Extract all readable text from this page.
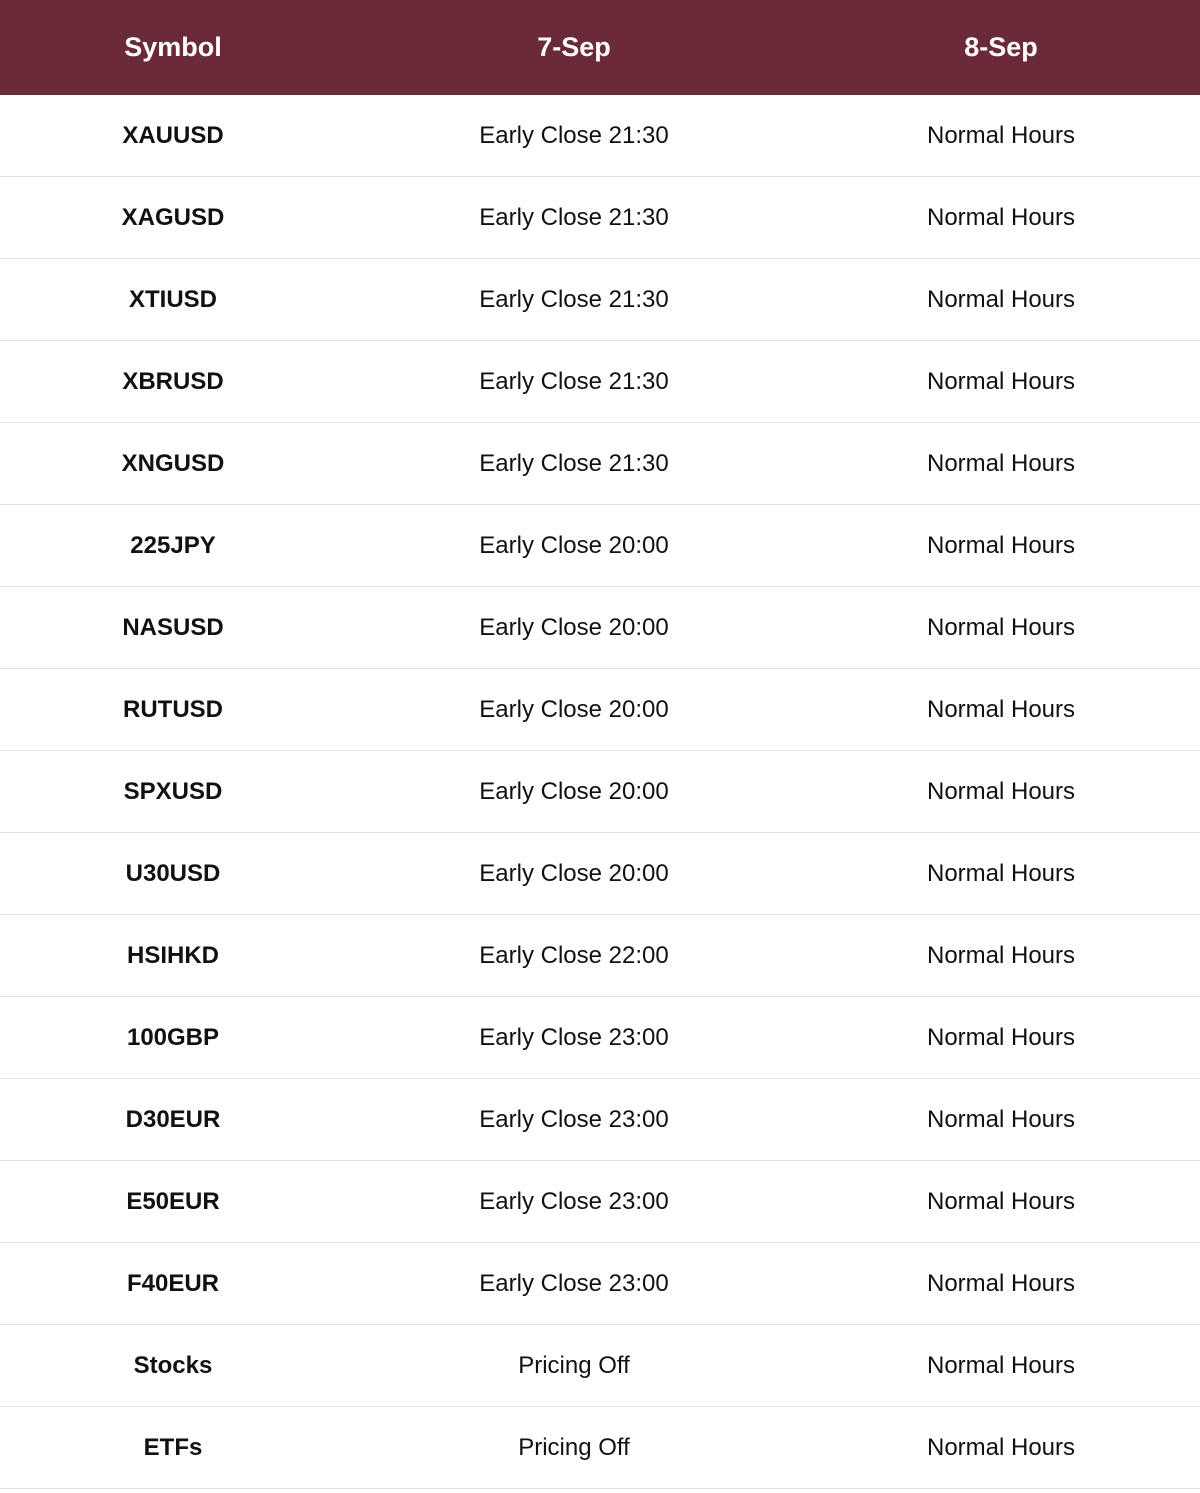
Symbol	7-Sep	8-Sep
XAUUSD	Early Close 21:30	Normal Hours
XAGUSD	Early Close 21:30	Normal Hours
XTIUSD	Early Close 21:30	Normal Hours
XBRUSD	Early Close 21:30	Normal Hours
XNGUSD	Early Close 21:30	Normal Hours
225JPY	Early Close 20:00	Normal Hours
NASUSD	Early Close 20:00	Normal Hours
RUTUSD	Early Close 20:00	Normal Hours
SPXUSD	Early Close 20:00	Normal Hours
U30USD	Early Close 20:00	Normal Hours
HSIHKD	Early Close 22:00	Normal Hours
100GBP	Early Close 23:00	Normal Hours
D30EUR	Early Close 23:00	Normal Hours
E50EUR	Early Close 23:00	Normal Hours
F40EUR	Early Close 23:00	Normal Hours
Stocks	Pricing Off	Normal Hours
ETFs	Pricing Off	Normal Hours
